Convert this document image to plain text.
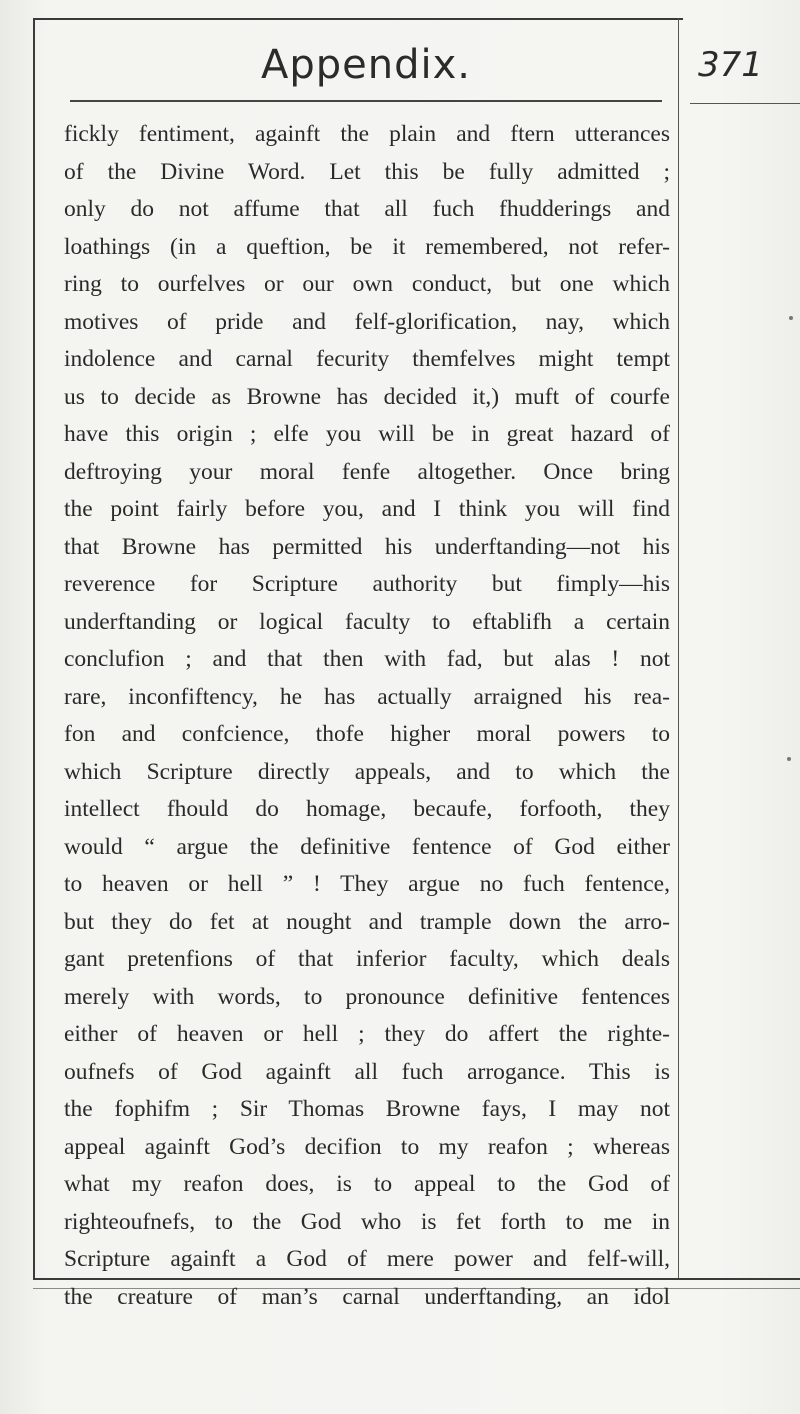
Appendix.	371
fickly fentiment, againft the plain and ftern utterances
of the Divine Word. Let this be fully admitted ;
only do not affume that all fuch fhudderings and
loathings (in a queftion, be it remembered, not refer-
ring to ourfelves or our own conduct, but one which
motives of pride and felf-glorification, nay, which
indolence and carnal fecurity themfelves might tempt
us to decide as Browne has decided it,) muft of courfe
have this origin ; elfe you will be in great hazard of
deftroying your moral fenfe altogether. Once bring
the point fairly before you, and I think you will find
that Browne has permitted his underftanding—not his
reverence for Scripture authority but fimply—his
underftanding or logical faculty to eftablifh a certain
conclufion ; and that then with fad, but alas ! not
rare, inconfiftency, he has actually arraigned his rea-
fon and confcience, thofe higher moral powers to
which Scripture directly appeals, and to which the
intellect fhould do homage, becaufe, forfooth, they
would “ argue the definitive fentence of God either
to heaven or hell ” ! They argue no fuch fentence,
but they do fet at nought and trample down the arro-
gant pretenfions of that inferior faculty, which deals
merely with words, to pronounce definitive fentences
either of heaven or hell ; they do affert the righte-
oufnefs of God againft all fuch arrogance. This is
the fophifm ; Sir Thomas Browne fays, I may not
appeal againft God’s decifion to my reafon ; whereas
what my reafon does, is to appeal to the God of
righteoufnefs, to the God who is fet forth to me in
Scripture againft a God of mere power and felf-will,
the creature of man’s carnal underftanding, an idol
